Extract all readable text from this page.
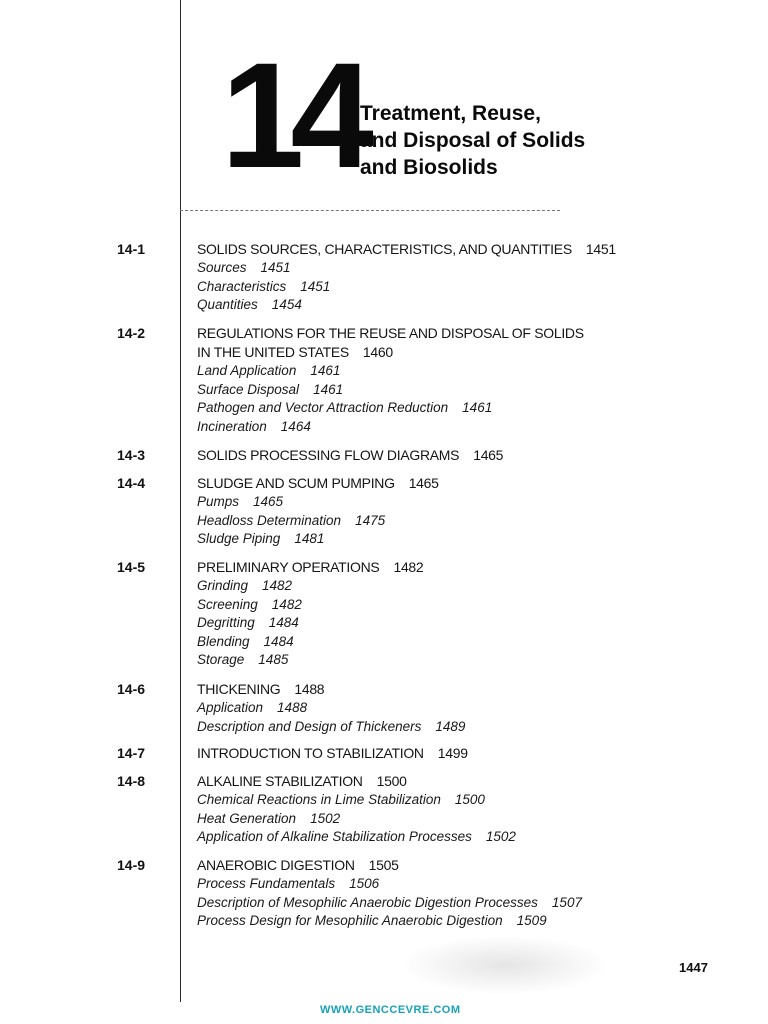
14 Treatment, Reuse,
and Disposal of Solids
and Biosolids
14-1	SOLIDS SOURCES, CHARACTERISTICS, AND QUANTITIES 1451
Sources 1451
Characteristics 1451
Quantities 1454
14-2	REGULATIONS FOR THE REUSE AND DISPOSAL OF SOLIDS
IN THE UNITED STATES 1460
Land Application 1461
Surface Disposal 1461
Pathogen and Vector Attraction Reduction 1461
Incineration 1464
14-3	SOLIDS PROCESSING FLOW DIAGRAMS 1465
14-4	SLUDGE AND SCUM PUMPING 1465
Pumps 1465
Headloss Determination 1475
Sludge Piping 1481
14-5	PRELIMINARY OPERATIONS 1482
Grinding 1482
Screening 1482
Degritting 1484
Blending 1484
Storage 1485
14-6	THICKENING 1488
Application 1488
Description and Design of Thickeners 1489
14-7	INTRODUCTION TO STABILIZATION 1499
14-8	ALKALINE STABILIZATION 1500
Chemical Reactions in Lime Stabilization 1500
Heat Generation 1502
Application of Alkaline Stabilization Processes 1502
14-9	ANAEROBIC DIGESTION 1505
Process Fundamentals 1506
Description of Mesophilic Anaerobic Digestion Processes 1507
Process Design for Mesophilic Anaerobic Digestion 1509
1447
WWW.GENCCEVRE.COM
